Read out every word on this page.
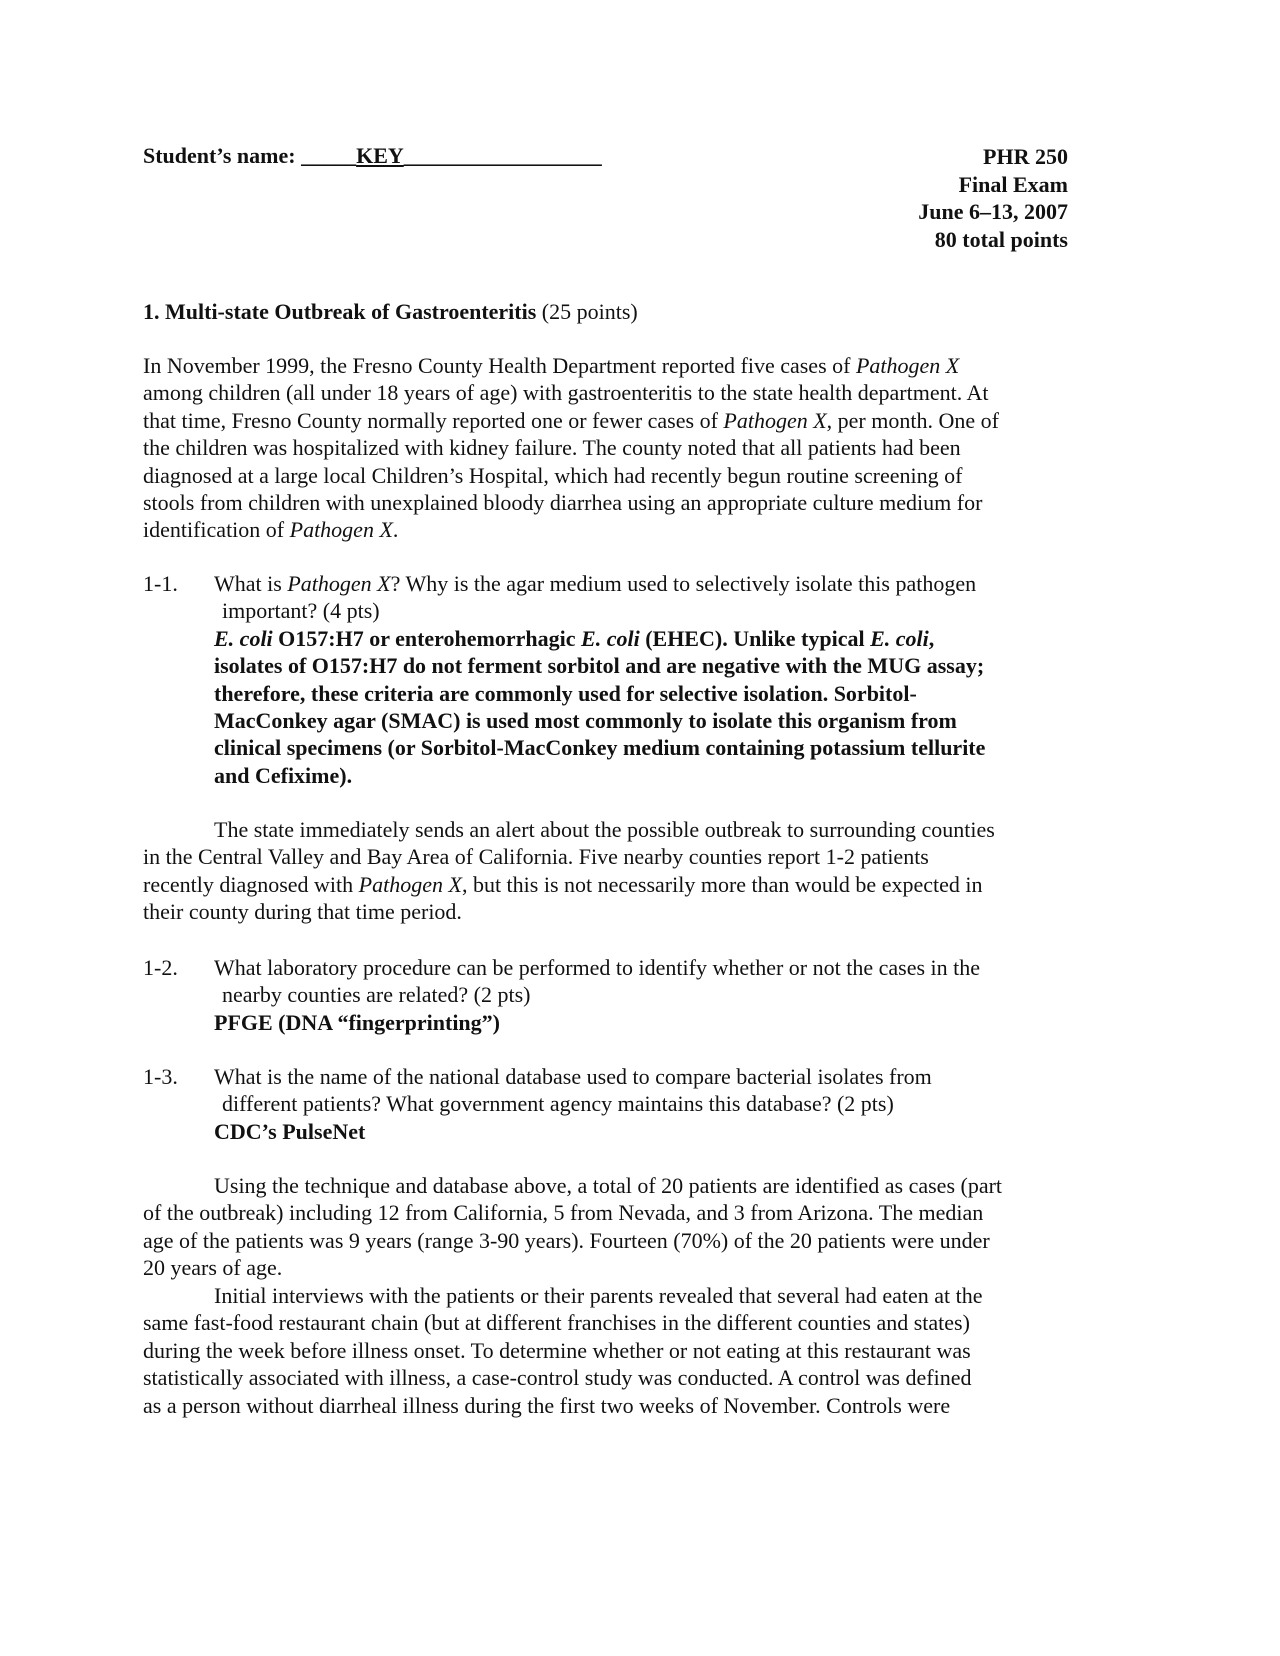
Student’s name: _____KEY__________________	PHR 250
Final Exam
June 6–13, 2007
80 total points
1. Multi-state Outbreak of Gastroenteritis (25 points)
In November 1999, the Fresno County Health Department reported five cases of Pathogen X
among children (all under 18 years of age) with gastroenteritis to the state health department. At
that time, Fresno County normally reported one or fewer cases of Pathogen X, per month. One of
the children was hospitalized with kidney failure. The county noted that all patients had been
diagnosed at a large local Children’s Hospital, which had recently begun routine screening of
stools from children with unexplained bloody diarrhea using an appropriate culture medium for
identification of Pathogen X.
1-1.	What is Pathogen X? Why is the agar medium used to selectively isolate this pathogen
important? (4 pts)
E. coli O157:H7 or enterohemorrhagic E. coli (EHEC). Unlike typical E. coli,
isolates of O157:H7 do not ferment sorbitol and are negative with the MUG assay;
therefore, these criteria are commonly used for selective isolation. Sorbitol-
MacConkey agar (SMAC) is used most commonly to isolate this organism from
clinical specimens (or Sorbitol-MacConkey medium containing potassium tellurite
and Cefixime).
The state immediately sends an alert about the possible outbreak to surrounding counties
in the Central Valley and Bay Area of California. Five nearby counties report 1-2 patients
recently diagnosed with Pathogen X, but this is not necessarily more than would be expected in
their county during that time period.
1-2.	What laboratory procedure can be performed to identify whether or not the cases in the
nearby counties are related? (2 pts)
PFGE (DNA “fingerprinting”)
1-3.	What is the name of the national database used to compare bacterial isolates from
different patients? What government agency maintains this database? (2 pts)
CDC’s PulseNet
Using the technique and database above, a total of 20 patients are identified as cases (part
of the outbreak) including 12 from California, 5 from Nevada, and 3 from Arizona. The median
age of the patients was 9 years (range 3-90 years). Fourteen (70%) of the 20 patients were under
20 years of age.
Initial interviews with the patients or their parents revealed that several had eaten at the
same fast-food restaurant chain (but at different franchises in the different counties and states)
during the week before illness onset. To determine whether or not eating at this restaurant was
statistically associated with illness, a case-control study was conducted. A control was defined
as a person without diarrheal illness during the first two weeks of November. Controls were
